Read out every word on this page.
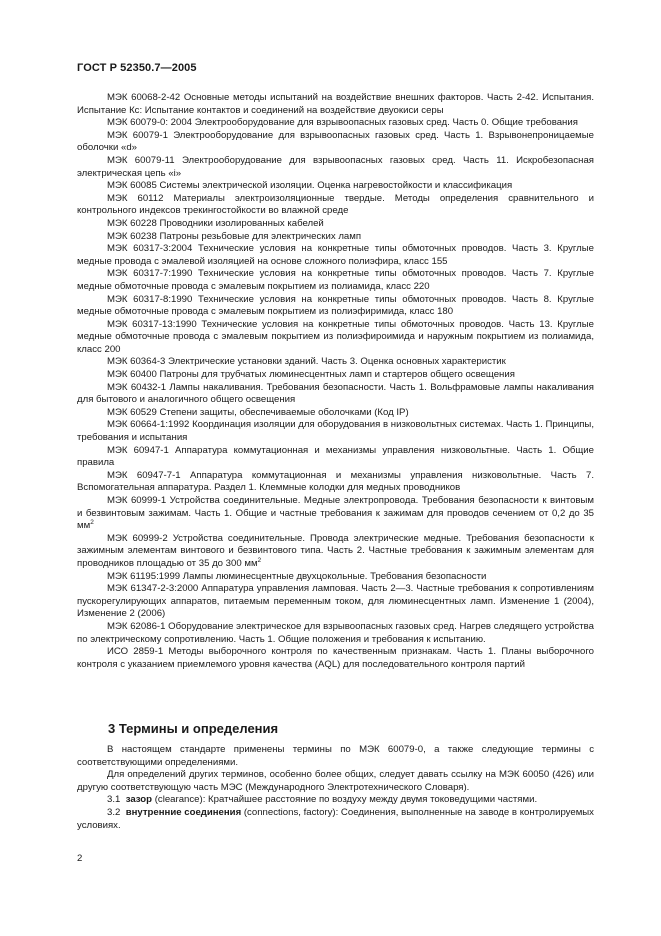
ГОСТ Р 52350.7—2005

МЭК 60068-2-42 Основные методы испытаний на воздействие внешних факторов. Часть 2-42. Испытания. Испытание Кс: Испытание контактов и соединений на воздействие двуокиси серы

МЭК 60079-0: 2004 Электрооборудование для взрывоопасных газовых сред. Часть 0. Общие требования

МЭК 60079-1 Электрооборудование для взрывоопасных газовых сред. Часть 1. Взрывонепроницаемые оболочки «d»

МЭК 60079-11 Электрооборудование для взрывоопасных газовых сред. Часть 11. Искробезопасная электрическая цепь «i»

МЭК 60085 Системы электрической изоляции. Оценка нагревостойкости и классификация

МЭК 60112 Материалы электроизоляционные твердые. Методы определения сравнительного и контрольного индексов трекингостойкости во влажной среде

МЭК 60228 Проводники изолированных кабелей

МЭК 60238 Патроны резьбовые для электрических ламп

МЭК 60317-3:2004 Технические условия на конкретные типы обмоточных проводов. Часть 3. Круглые медные провода с эмалевой изоляцией на основе сложного полиэфира, класс 155

МЭК 60317-7:1990 Технические условия на конкретные типы обмоточных проводов. Часть 7. Круглые медные обмоточные провода с эмалевым покрытием из полиамида, класс 220

МЭК 60317-8:1990 Технические условия на конкретные типы обмоточных проводов. Часть 8. Круглые медные обмоточные провода с эмалевым покрытием из полиэфиримида, класс 180

МЭК 60317-13:1990 Технические условия на конкретные типы обмоточных проводов. Часть 13. Круглые медные обмоточные провода с эмалевым покрытием из полиэфироимида и наружным покрытием из полиамида, класс 200

МЭК 60364-3 Электрические установки зданий. Часть 3. Оценка основных характеристик

МЭК 60400 Патроны для трубчатых люминесцентных ламп и стартеров общего освещения

МЭК 60432-1 Лампы накаливания. Требования безопасности. Часть 1. Вольфрамовые лампы накаливания для бытового и аналогичного общего освещения

МЭК 60529 Степени защиты, обеспечиваемые оболочками (Код IP)

МЭК 60664-1:1992 Координация изоляции для оборудования в низковольтных системах. Часть 1. Принципы, требования и испытания

МЭК 60947-1 Аппаратура коммутационная и механизмы управления низковольтные. Часть 1. Общие правила

МЭК 60947-7-1 Аппаратура коммутационная и механизмы управления низковольтные. Часть 7. Вспомогательная аппаратура. Раздел 1. Клеммные колодки для медных проводников

МЭК 60999-1 Устройства соединительные. Медные электропровода. Требования безопасности к винтовым и безвинтовым зажимам. Часть 1. Общие и частные требования к зажимам для проводов сечением от 0,2 до 35 $мм^2$

МЭК 60999-2 Устройства соединительные. Провода электрические медные. Требования безопасности к зажимным элементам винтового и безвинтового типа. Часть 2. Частные требования к зажимным элементам для проводников площадью от 35 до 300 $мм^2$

МЭК 61195:1999 Лампы люминесцентные двухцокольные. Требования безопасности

МЭК 61347-2-3:2000 Аппаратура управления ламповая. Часть 2—3. Частные требования к сопротивлениям пускорегулирующих аппаратов, питаемым переменным током, для люминесцентных ламп. Изменение 1 (2004), Изменение 2 (2006)

МЭК 62086-1 Оборудование электрическое для взрывоопасных газовых сред. Нагрев следящего устройства по электрическому сопротивлению. Часть 1. Общие положения и требования к испытанию.

ИСО 2859-1 Методы выборочного контроля по качественным признакам. Часть 1. Планы выборочного контроля с указанием приемлемого уровня качества (AQL) для последовательного контроля партий

3 Термины и определения

В настоящем стандарте применены термины по МЭК 60079-0, а также следующие термины с соответствующими определениями.

Для определений других терминов, особенно более общих, следует давать ссылку на МЭК 60050 (426) или другую соответствующую часть МЭС (Международного Электротехнического Словаря).

3.1 зазор (clearance): Кратчайшее расстояние по воздуху между двумя токоведущими частями.

3.2 внутренние соединения (connections, factory): Соединения, выполненные на заводе в контролируемых условиях.

2
